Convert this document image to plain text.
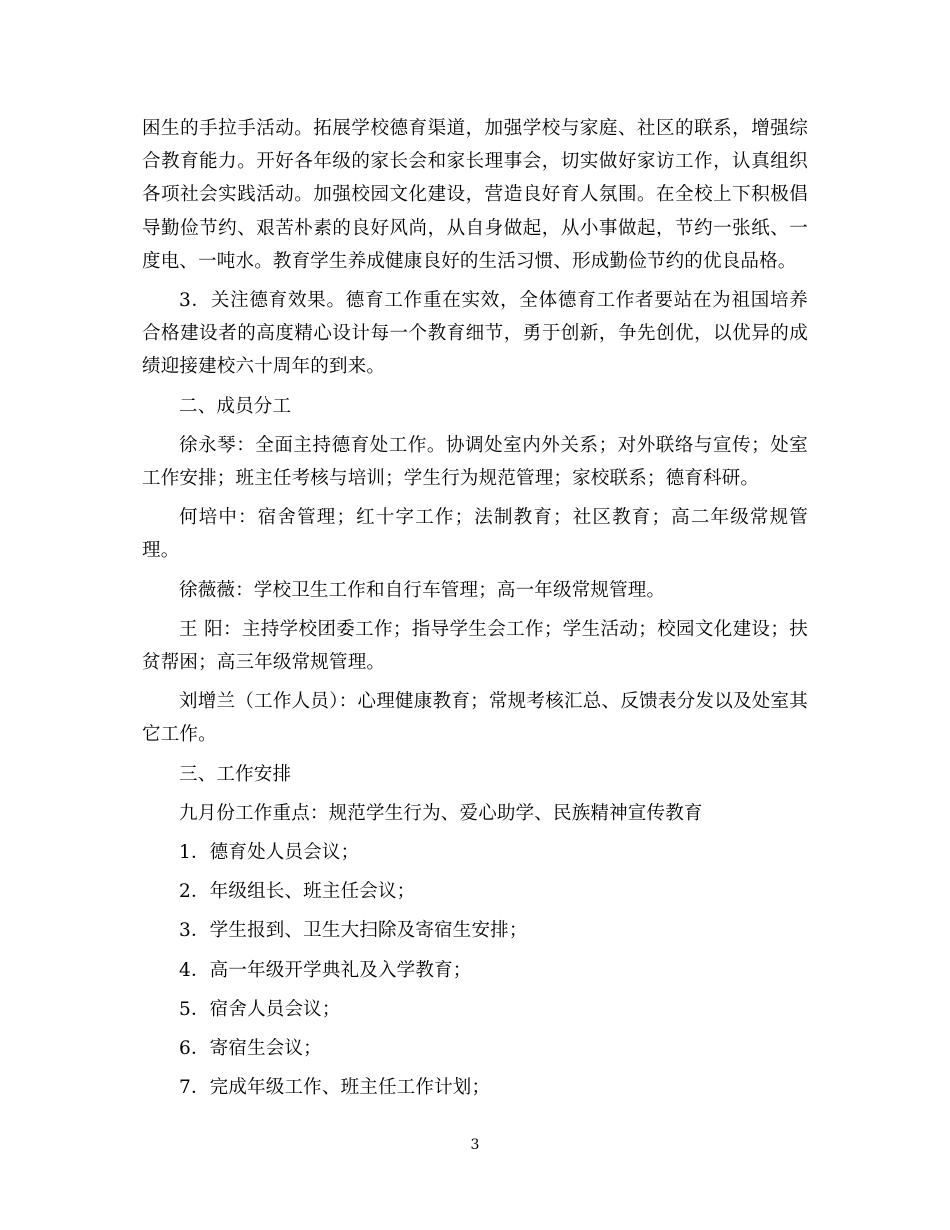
困生的手拉手活动。拓展学校德育渠道，加强学校与家庭、社区的联系，增强综合教育能力。开好各年级的家长会和家长理事会，切实做好家访工作，认真组织各项社会实践活动。加强校园文化建设，营造良好育人氛围。在全校上下积极倡导勤俭节约、艰苦朴素的良好风尚，从自身做起，从小事做起，节约一张纸、一度电、一吨水。教育学生养成健康良好的生活习惯、形成勤俭节约的优良品格。

3．关注德育效果。德育工作重在实效，全体德育工作者要站在为祖国培养合格建设者的高度精心设计每一个教育细节，勇于创新，争先创优，以优异的成绩迎接建校六十周年的到来。

二、成员分工

徐永琴：全面主持德育处工作。协调处室内外关系；对外联络与宣传；处室工作安排；班主任考核与培训；学生行为规范管理；家校联系；德育科研。

何培中：宿舍管理；红十字工作；法制教育；社区教育；高二年级常规管理。

徐薇薇：学校卫生工作和自行车管理；高一年级常规管理。

王 阳：主持学校团委工作；指导学生会工作；学生活动；校园文化建设；扶贫帮困；高三年级常规管理。

刘增兰（工作人员）：心理健康教育；常规考核汇总、反馈表分发以及处室其它工作。

三、工作安排

九月份工作重点：规范学生行为、爱心助学、民族精神宣传教育

1．德育处人员会议；

2．年级组长、班主任会议；

3．学生报到、卫生大扫除及寄宿生安排；

4．高一年级开学典礼及入学教育；

5．宿舍人员会议；

6．寄宿生会议；

7．完成年级工作、班主任工作计划；

3
